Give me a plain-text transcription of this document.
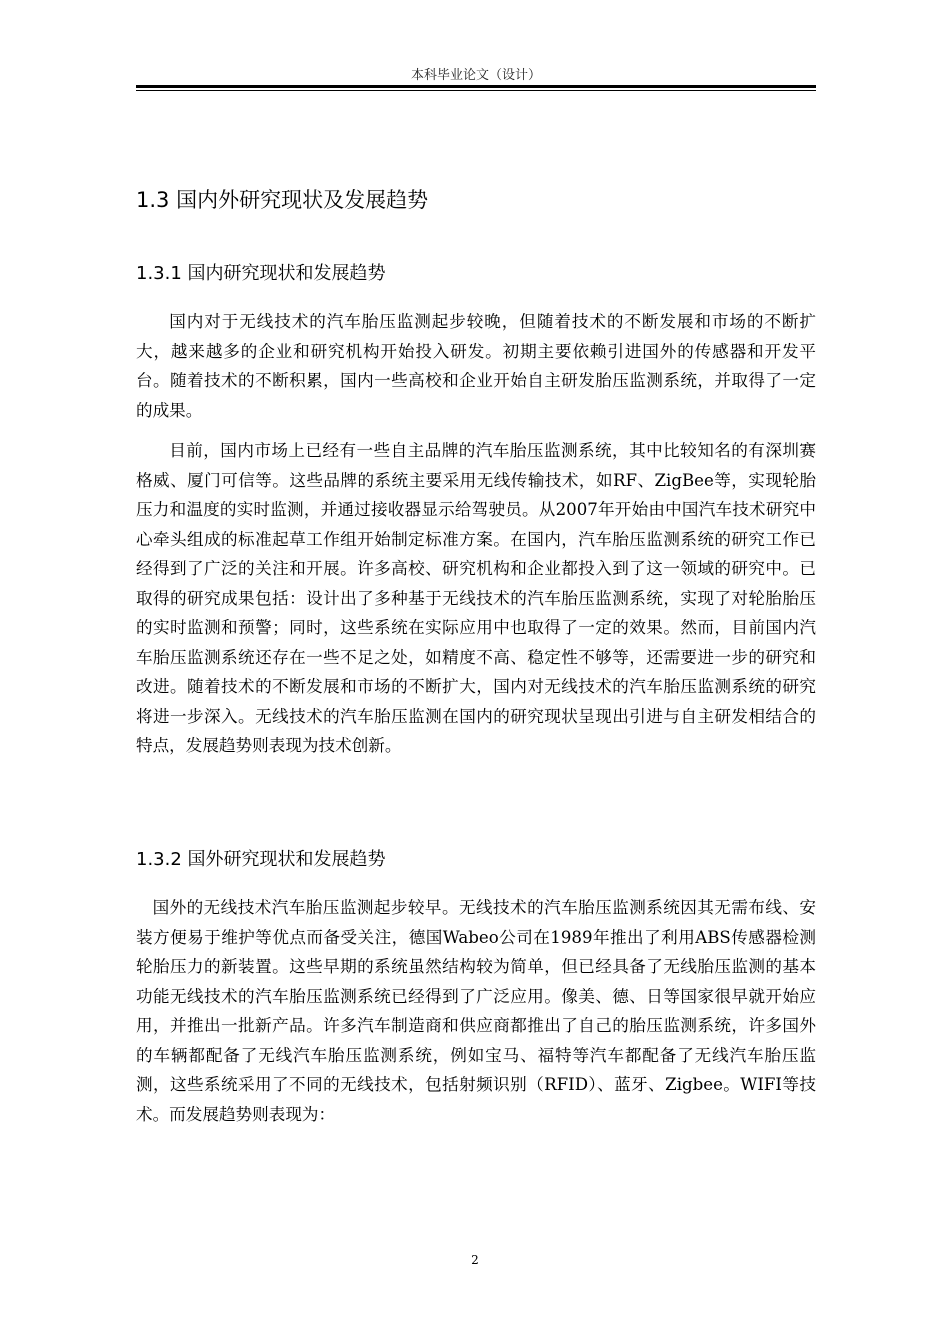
本科毕业论文（设计）
1.3 国内外研究现状及发展趋势
1.3.1 国内研究现状和发展趋势

国内对于无线技术的汽车胎压监测起步较晚，但随着技术的不断发展和市场的不断扩大，越来越多的企业和研究机构开始投入研发。初期主要依赖引进国外的传感器和开发平台。随着技术的不断积累，国内一些高校和企业开始自主研发胎压监测系统，并取得了一定的成果。

目前，国内市场上已经有一些自主品牌的汽车胎压监测系统，其中比较知名的有深圳赛格威、厦门可信等。这些品牌的系统主要采用无线传输技术，如RF、ZigBee等，实现轮胎压力和温度的实时监测，并通过接收器显示给驾驶员。从2007年开始由中国汽车技术研究中心牵头组成的标准起草工作组开始制定标准方案。在国内，汽车胎压监测系统的研究工作已经得到了广泛的关注和开展。许多高校、研究机构和企业都投入到了这一领域的研究中。已取得的研究成果包括：设计出了多种基于无线技术的汽车胎压监测系统，实现了对轮胎胎压的实时监测和预警；同时，这些系统在实际应用中也取得了一定的效果。然而，目前国内汽车胎压监测系统还存在一些不足之处，如精度不高、稳定性不够等，还需要进一步的研究和改进。随着技术的不断发展和市场的不断扩大，国内对无线技术的汽车胎压监测系统的研究将进一步深入。无线技术的汽车胎压监测在国内的研究现状呈现出引进与自主研发相结合的特点，发展趋势则表现为技术创新。

1.3.2 国外研究现状和发展趋势

国外的无线技术汽车胎压监测起步较早。无线技术的汽车胎压监测系统因其无需布线、安装方便易于维护等优点而备受关注，德国Wabeo公司在1989年推出了利用ABS传感器检测轮胎压力的新装置。这些早期的系统虽然结构较为简单，但已经具备了无线胎压监测的基本功能无线技术的汽车胎压监测系统已经得到了广泛应用。像美、德、日等国家很早就开始应用，并推出一批新产品。许多汽车制造商和供应商都推出了自己的胎压监测系统，许多国外的车辆都配备了无线汽车胎压监测系统，例如宝马、福特等汽车都配备了无线汽车胎压监测，这些系统采用了不同的无线技术，包括射频识别（RFID）、蓝牙、Zigbee。WIFI等技术。而发展趋势则表现为：

2
